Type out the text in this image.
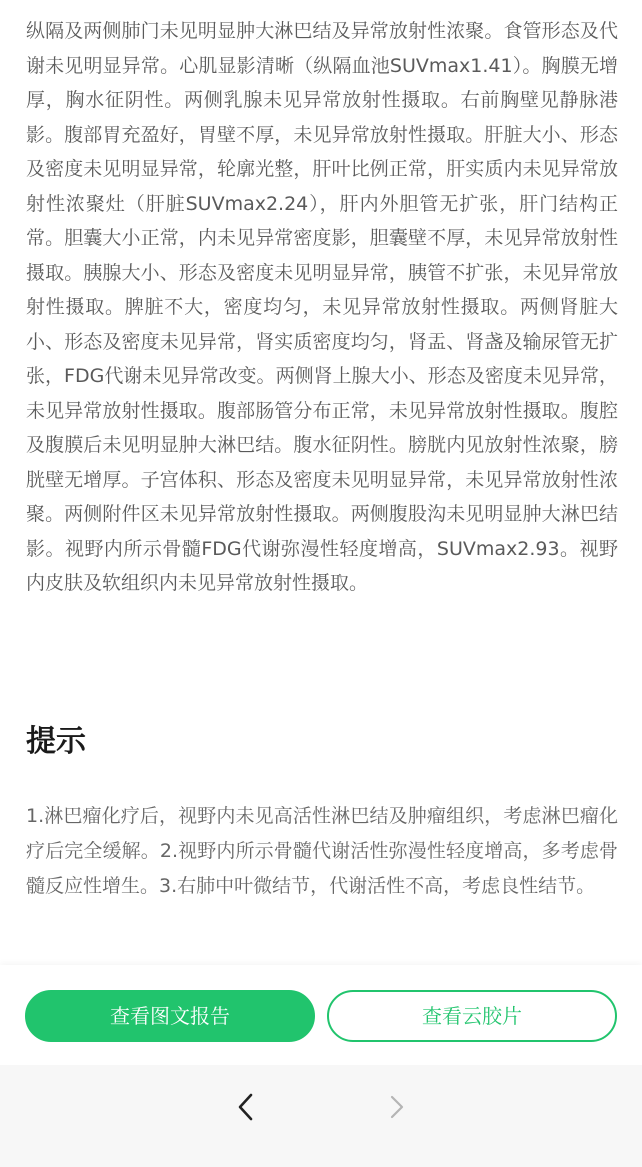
纵隔及两侧肺门未见明显肿大淋巴结及异常放射性浓聚。食管形态及代谢未见明显异常。心肌显影清晰（纵隔血池SUVmax1.41）。胸膜无增厚，胸水征阴性。两侧乳腺未见异常放射性摄取。右前胸壁见静脉港影。腹部胃充盈好，胃壁不厚，未见异常放射性摄取。肝脏大小、形态及密度未见明显异常，轮廓光整，肝叶比例正常，肝实质内未见异常放射性浓聚灶（肝脏SUVmax2.24），肝内外胆管无扩张，肝门结构正常。胆囊大小正常，内未见异常密度影，胆囊壁不厚，未见异常放射性摄取。胰腺大小、形态及密度未见明显异常，胰管不扩张，未见异常放射性摄取。脾脏不大，密度均匀，未见异常放射性摄取。两侧肾脏大小、形态及密度未见异常，肾实质密度均匀，肾盂、肾盏及输尿管无扩张，FDG代谢未见异常改变。两侧肾上腺大小、形态及密度未见异常，未见异常放射性摄取。腹部肠管分布正常，未见异常放射性摄取。腹腔及腹膜后未见明显肿大淋巴结。腹水征阴性。膀胱内见放射性浓聚，膀胱壁无增厚。子宫体积、形态及密度未见明显异常，未见异常放射性浓聚。两侧附件区未见异常放射性摄取。两侧腹股沟未见明显肿大淋巴结影。视野内所示骨髓FDG代谢弥漫性轻度增高，SUVmax2.93。视野内皮肤及软组织内未见异常放射性摄取。

提示

1.淋巴瘤化疗后，视野内未见高活性淋巴结及肿瘤组织，考虑淋巴瘤化疗后完全缓解。2.视野内所示骨髓代谢活性弥漫性轻度增高，多考虑骨髓反应性增生。3.右肺中叶微结节，代谢活性不高，考虑良性结节。

查看图文报告	查看云胶片
